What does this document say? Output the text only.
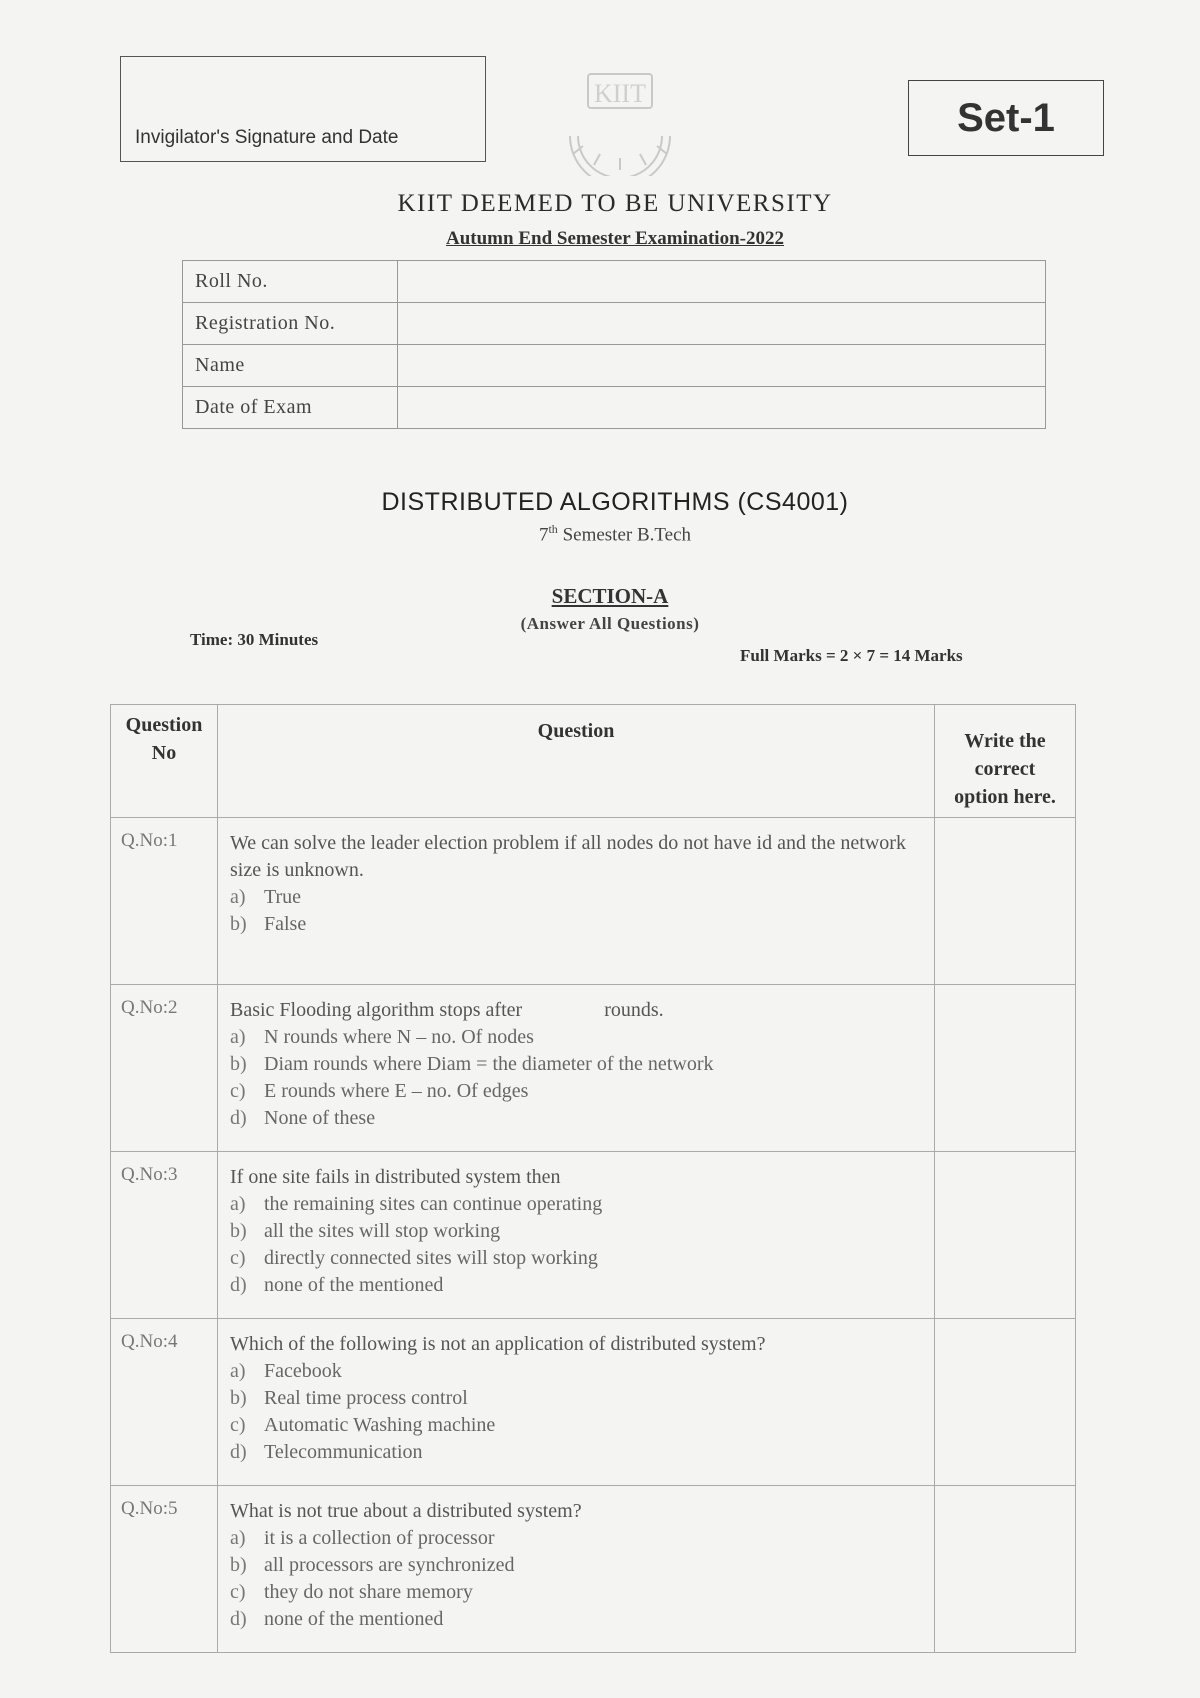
Invigilator's Signature and Date
KIIT
Set-1
KIIT DEEMED TO BE UNIVERSITY
Autumn End Semester Examination-2022
Roll No.	
Registration No.	
Name	
Date of Exam	
DISTRIBUTED ALGORITHMS (CS4001)
7th Semester B.Tech
SECTION-A
(Answer All Questions)
Time: 30 Minutes
Full Marks = 2 × 7 = 14 Marks
Question
No	Question	Write the
correct
option here.
Q.No:1	We can solve the leader election problem if all nodes do not have id and the network size is unknown.
a) True
b) False	

Q.No:2	Basic Flooding algorithm stops after rounds.
a) N rounds where N – no. Of nodes
b) Diam rounds where Diam = the diameter of the network
c) E rounds where E – no. Of edges
d) None of these	

Q.No:3	If one site fails in distributed system then
a) the remaining sites can continue operating
b) all the sites will stop working
c) directly connected sites will stop working
d) none of the mentioned	

Q.No:4	Which of the following is not an application of distributed system?
a) Facebook
b) Real time process control
c) Automatic Washing machine
d) Telecommunication	

Q.No:5	What is not true about a distributed system?
a) it is a collection of processor
b) all processors are synchronized
c) they do not share memory
d) none of the mentioned	
